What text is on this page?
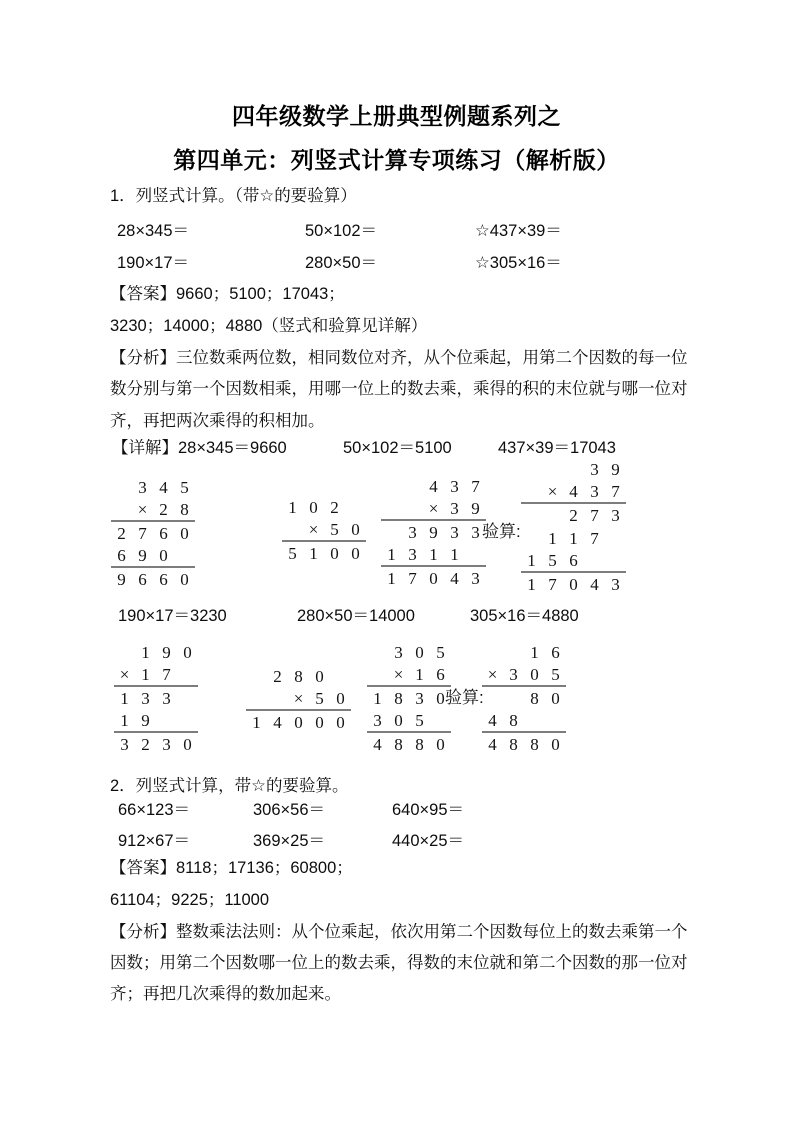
四年级数学上册典型例题系列之
第四单元：列竖式计算专项练习（解析版）
1．列竖式计算。（带☆的要验算）
28×345＝	50×102＝	☆437×39＝
190×17＝	280×50＝	☆305×16＝
【答案】9660；5100；17043；
3230；14000；4880（竖式和验算见详解）
【分析】三位数乘两位数，相同数位对齐，从个位乘起，用第二个因数的每一位
数分别与第一个因数相乘，用哪一位上的数去乘，乘得的积的末位就与哪一位对
齐，再把两次乘得的积相加。
【详解】28×345＝9660	50×102＝5100	437×39＝17043
3 4 5
× 2 8
2 7 6 0
6 9 0
9 6 6 0
1 0 2
× 5 0
5 1 0 0
4 3 7
× 3 9
3 9 3 3
1 3 1 1
1 7 0 4 3
验算:
3 9
× 4 3 7
2 7 3
1 1 7
1 5 6
1 7 0 4 3
190×17＝3230	280×50＝14000	305×16＝4880
1 9 0
× 1 7
1 3 3
1 9
3 2 3 0
2 8 0
× 5 0
1 4 0 0 0
3 0 5
× 1 6
1 8 3 0
3 0 5
4 8 8 0
验算:
1 6
× 3 0 5
8 0
4 8
4 8 8 0
2．列竖式计算，带☆的要验算。
66×123＝	306×56＝	640×95＝
912×67＝	369×25＝	440×25＝
【答案】8118；17136；60800；
61104；9225；11000
【分析】整数乘法法则：从个位乘起，依次用第二个因数每位上的数去乘第一个
因数；用第二个因数哪一位上的数去乘，得数的末位就和第二个因数的那一位对
齐；再把几次乘得的数加起来。
